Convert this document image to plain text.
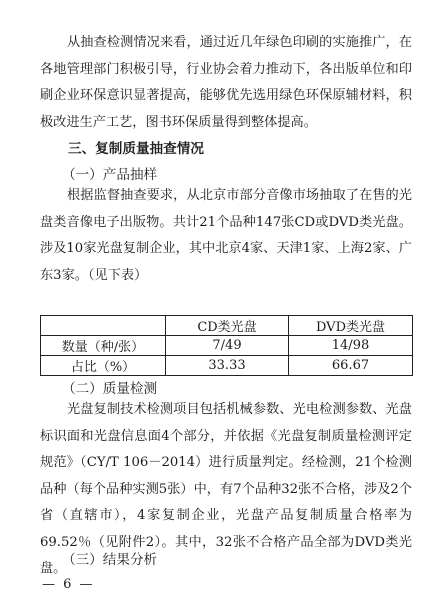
从抽查检测情况来看，通过近几年绿色印刷的实施推广，在各地管理部门积极引导，行业协会着力推动下，各出版单位和印刷企业环保意识显著提高，能够优先选用绿色环保原辅材料，积极改进生产工艺，图书环保质量得到整体提高。

三、复制质量抽查情况
（一）产品抽样

根据监督抽查要求，从北京市部分音像市场抽取了在售的光盘类音像电子出版物。共计21个品种147张CD或DVD类光盘。涉及10家光盘复制企业，其中北京4家、天津1家、上海2家、广东3家。（见下表）

	CD类光盘	DVD类光盘
数量（种/张）	7/49	14/98
占比（%）	33.33	66.67
（二）质量检测

光盘复制技术检测项目包括机械参数、光电检测参数、光盘标识面和光盘信息面4个部分，并依据《光盘复制质量检测评定规范》（CY/T 106－2014）进行质量判定。经检测，21个检测品种（每个品种实测5张）中，有7个品种32张不合格，涉及2个省（直辖市），4家复制企业，光盘产品复制质量合格率为69.52％（见附件2）。其中，32张不合格产品全部为DVD类光盘。

（三）结果分析
— 6 —
